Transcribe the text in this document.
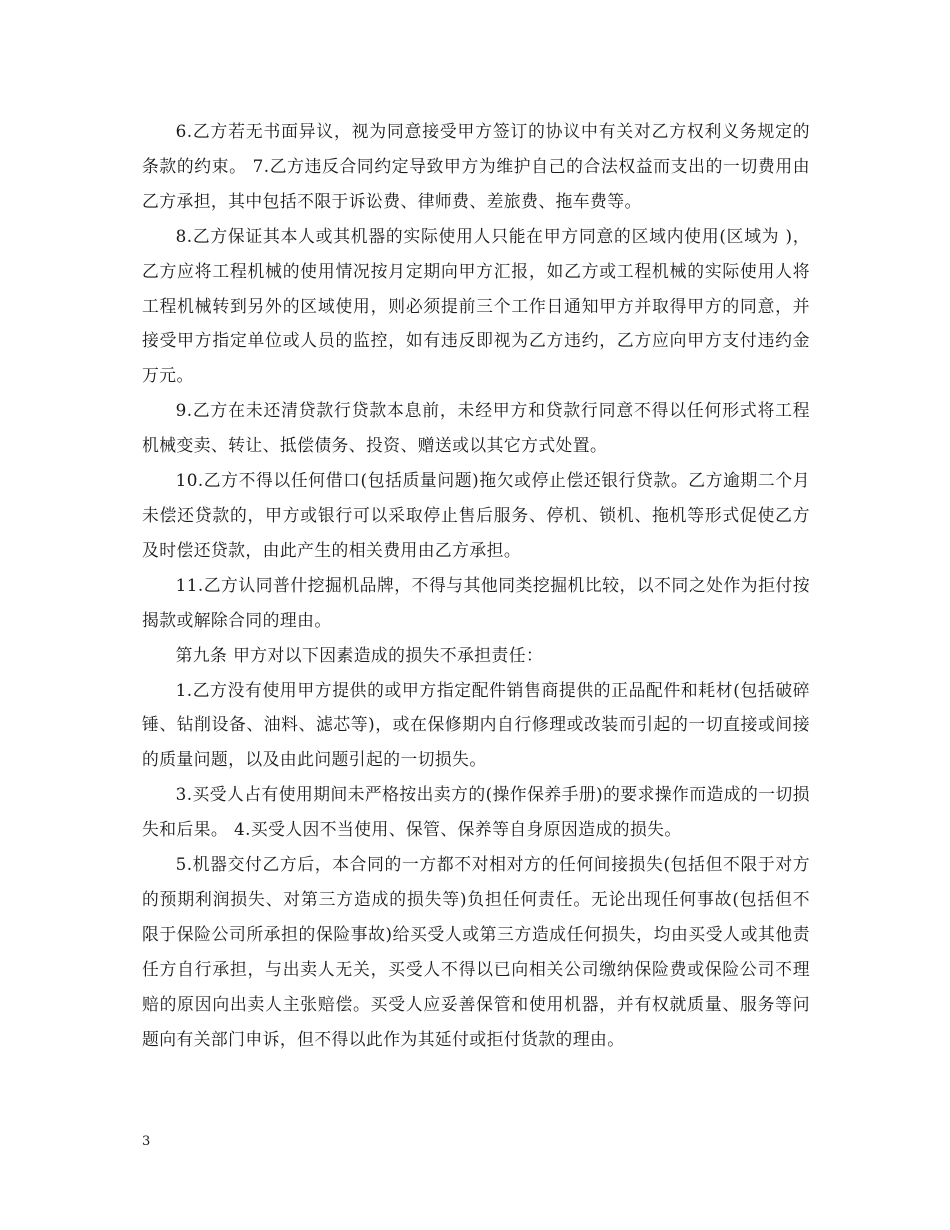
6.乙方若无书面异议，视为同意接受甲方签订的协议中有关对乙方权利义务规定的条款的约束。 7.乙方违反合同约定导致甲方为维护自己的合法权益而支出的一切费用由乙方承担，其中包括不限于诉讼费、律师费、差旅费、拖车费等。

8.乙方保证其本人或其机器的实际使用人只能在甲方同意的区域内使用(区域为 )，乙方应将工程机械的使用情况按月定期向甲方汇报，如乙方或工程机械的实际使用人将工程机械转到另外的区域使用，则必须提前三个工作日通知甲方并取得甲方的同意，并接受甲方指定单位或人员的监控，如有违反即视为乙方违约，乙方应向甲方支付违约金 万元。

9.乙方在未还清贷款行贷款本息前，未经甲方和贷款行同意不得以任何形式将工程机械变卖、转让、抵偿债务、投资、赠送或以其它方式处置。

10.乙方不得以任何借口(包括质量问题)拖欠或停止偿还银行贷款。乙方逾期二个月未偿还贷款的，甲方或银行可以采取停止售后服务、停机、锁机、拖机等形式促使乙方及时偿还贷款，由此产生的相关费用由乙方承担。

11.乙方认同普什挖掘机品牌，不得与其他同类挖掘机比较，以不同之处作为拒付按揭款或解除合同的理由。

第九条 甲方对以下因素造成的损失不承担责任：

1.乙方没有使用甲方提供的或甲方指定配件销售商提供的正品配件和耗材(包括破碎锤、钻削设备、油料、滤芯等)，或在保修期内自行修理或改装而引起的一切直接或间接的质量问题，以及由此问题引起的一切损失。

3.买受人占有使用期间未严格按出卖方的(操作保养手册)的要求操作而造成的一切损失和后果。 4.买受人因不当使用、保管、保养等自身原因造成的损失。

5.机器交付乙方后，本合同的一方都不对相对方的任何间接损失(包括但不限于对方的预期利润损失、对第三方造成的损失等)负担任何责任。无论出现任何事故(包括但不限于保险公司所承担的保险事故)给买受人或第三方造成任何损失，均由买受人或其他责任方自行承担，与出卖人无关，买受人不得以已向相关公司缴纳保险费或保险公司不理赔的原因向出卖人主张赔偿。买受人应妥善保管和使用机器，并有权就质量、服务等问题向有关部门申诉，但不得以此作为其延付或拒付货款的理由。

3
